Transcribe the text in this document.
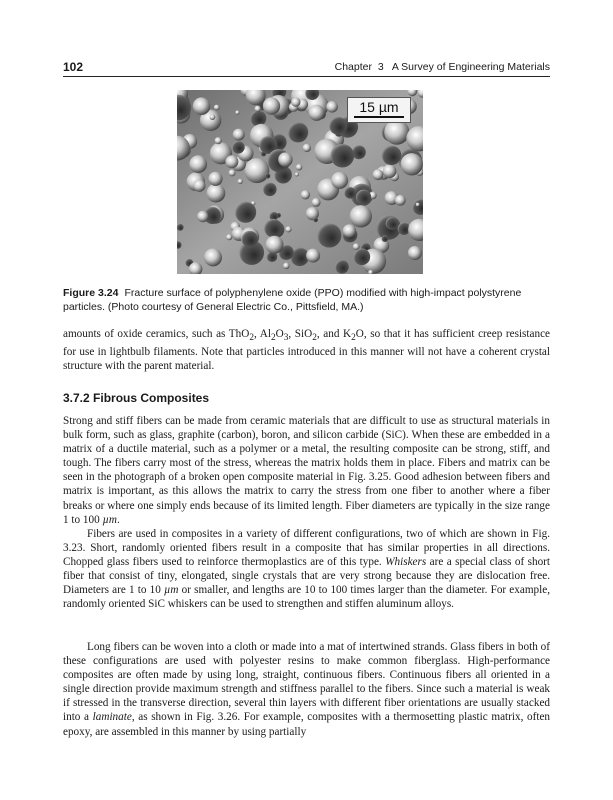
102	Chapter  3   A Survey of Engineering Materials
15 µm
Figure 3.24 Fracture surface of polyphenylene oxide (PPO) modified with high-impact polystyrene particles. (Photo courtesy of General Electric Co., Pittsfield, MA.)

amounts of oxide ceramics, such as ThO$_2$, $Al_2O_3$, SiO$_2$, and $K_2O$, so that it has sufficient creep resistance for use in lightbulb filaments. Note that particles introduced in this manner will not have a coherent crystal structure with the parent material.

3.7.2 Fibrous Composites

Strong and stiff fibers can be made from ceramic materials that are difficult to use as structural materials in bulk form, such as glass, graphite (carbon), boron, and silicon carbide (SiC). When these are embedded in a matrix of a ductile material, such as a polymer or a metal, the resulting composite can be strong, stiff, and tough. The fibers carry most of the stress, whereas the matrix holds them in place. Fibers and matrix can be seen in the photograph of a broken open composite material in Fig. 3.25. Good adhesion between fibers and matrix is important, as this allows the matrix to carry the stress from one fiber to another where a fiber breaks or where one simply ends because of its limited length. Fiber diameters are typically in the size range 1 to 100 µm.

Fibers are used in composites in a variety of different configurations, two of which are shown in Fig. 3.23. Short, randomly oriented fibers result in a composite that has similar properties in all directions. Chopped glass fibers used to reinforce thermoplastics are of this type. Whiskers are a special class of short fiber that consist of tiny, elongated, single crystals that are very strong because they are dislocation free. Diameters are 1 to 10 µm or smaller, and lengths are 10 to 100 times larger than the diameter. For example, randomly oriented SiC whiskers can be used to strengthen and stiffen aluminum alloys.

Long fibers can be woven into a cloth or made into a mat of intertwined strands. Glass fibers in both of these configurations are used with polyester resins to make common fiberglass. High-performance composites are often made by using long, straight, continuous fibers. Continuous fibers all oriented in a single direction provide maximum strength and stiffness parallel to the fibers. Since such a material is weak if stressed in the transverse direction, several thin layers with different fiber orientations are usually stacked into a laminate, as shown in Fig. 3.26. For example, composites with a thermosetting plastic matrix, often epoxy, are assembled in this manner by using partially
